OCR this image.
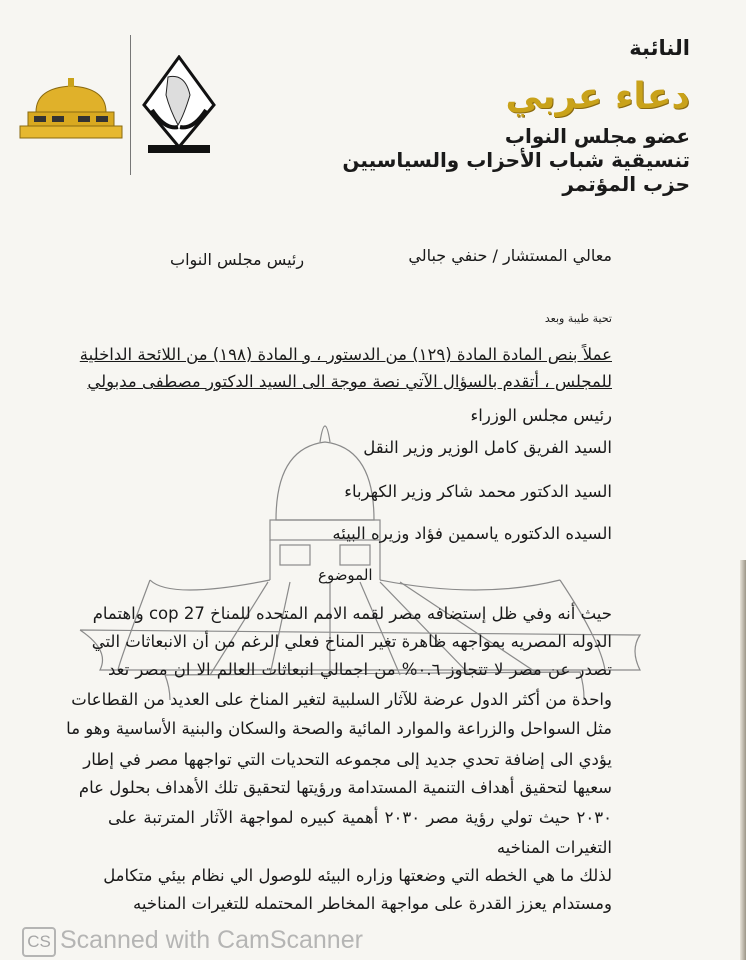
النائبة
دعاء عربي
عضو مجلس النواب
تنسيقية شباب الأحزاب والسياسيين
حزب المؤتمر
معالي المستشار / حنفي جبالي
رئيس مجلس النواب
تحية طيبة وبعد
عملاً بنص المادة المادة (١٢٩) من الدستور ، و المادة (١٩٨) من اللائحة الداخلية
للمجلس ، أتقدم بالسؤال الآتي نصة موجة الى السيد الدكتور مصطفى مدبولي
رئيس مجلس الوزراء
السيد الفريق كامل الوزير وزير النقل
السيد الدكتور محمد شاكر وزير الكهرباء
السيده الدكتوره ياسمين فؤاد وزيره البيئه
الموضوع
حيث أنه وفي ظل إستضافه مصر لقمه الامم المتحده للمناخ cop 27 واهتمام
الدوله المصريه بمواجهه ظاهرة تغير المناخ فعلي الرغم من أن الانبعاثات التي
تصدر عن مصر لا تتجاوز ٠.٦% من اجمالي انبعاثات العالم الا ان مصر تعد
واحدة من أكثر الدول عرضة للآثار السلبية لتغير المناخ على العديد من القطاعات
مثل السواحل والزراعة والموارد المائية والصحة والسكان والبنية الأساسية وهو ما
يؤدي الى إضافة تحدي جديد إلى مجموعه التحديات التي تواجهها مصر في إطار
سعيها لتحقيق أهداف التنمية المستدامة ورؤيتها لتحقيق تلك الأهداف بحلول عام
٢٠٣٠ حيث تولي رؤية مصر ٢٠٣٠ أهمية كبيره لمواجهة الآثار المترتبة على
التغيرات المناخيه
لذلك ما هي الخطه التي وضعتها وزاره البيئه للوصول الي نظام بيئي متكامل
ومستدام يعزز القدرة على مواجهة المخاطر المحتمله للتغيرات المناخيه
CS Scanned with CamScanner
